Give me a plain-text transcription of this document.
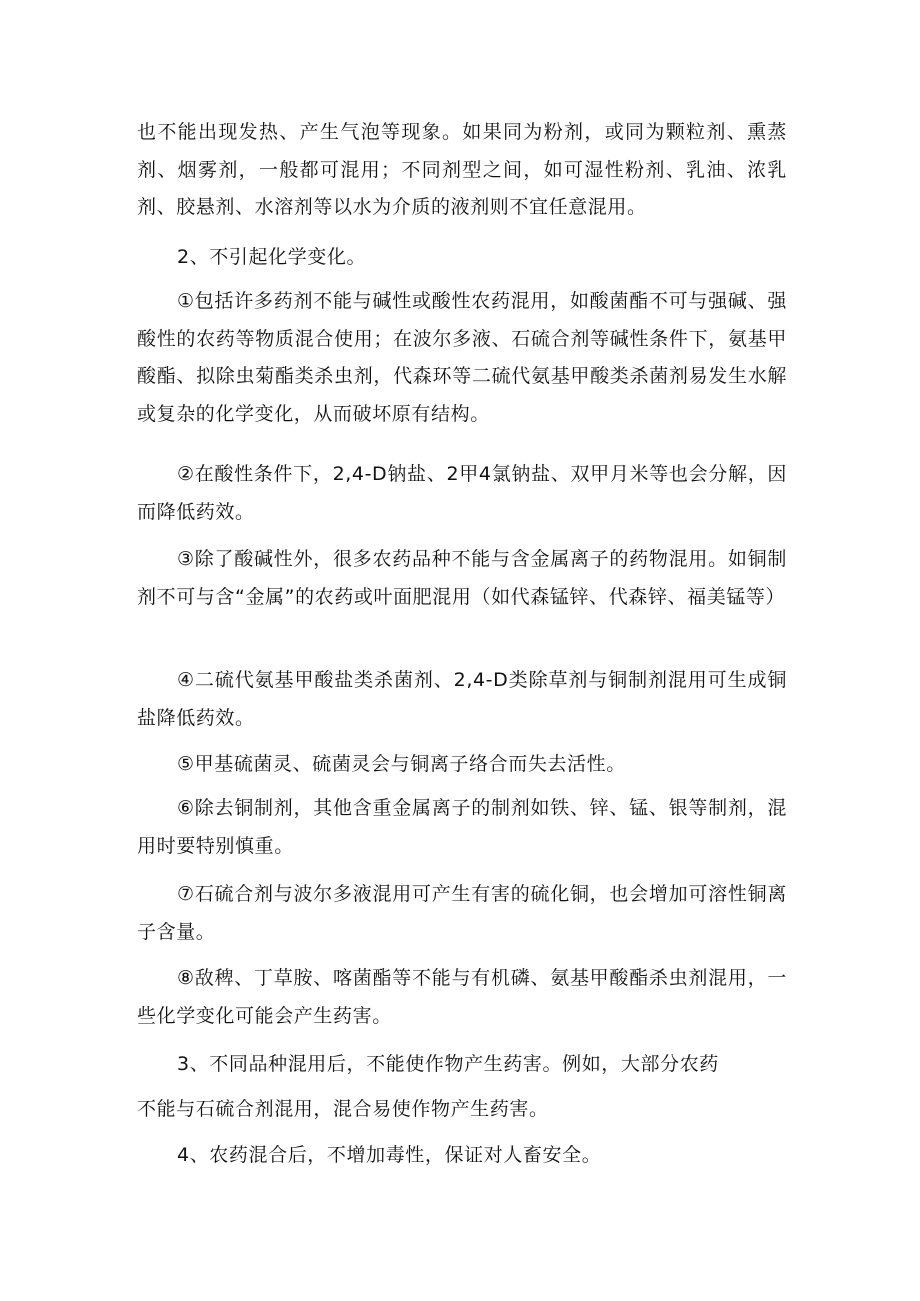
也不能出现发热、产生气泡等现象。如果同为粉剂，或同为颗粒剂、熏蒸剂、烟雾剂，一般都可混用；不同剂型之间，如可湿性粉剂、乳油、浓乳剂、胶悬剂、水溶剂等以水为介质的液剂则不宜任意混用。

2、不引起化学变化。

①包括许多药剂不能与碱性或酸性农药混用，如酸菌酯不可与强碱、强酸性的农药等物质混合使用；在波尔多液、石硫合剂等碱性条件下，氨基甲酸酯、拟除虫菊酯类杀虫剂，代森环等二硫代氨基甲酸类杀菌剂易发生水解或复杂的化学变化，从而破坏原有结构。

②在酸性条件下，2,4-D钠盐、2甲4氯钠盐、双甲月米等也会分解，因而降低药效。

③除了酸碱性外，很多农药品种不能与含金属离子的药物混用。如铜制剂不可与含“金属”的农药或叶面肥混用（如代森锰锌、代森锌、福美锰等）

④二硫代氨基甲酸盐类杀菌剂、2,4-D类除草剂与铜制剂混用可生成铜盐降低药效。

⑤甲基硫菌灵、硫菌灵会与铜离子络合而失去活性。

⑥除去铜制剂，其他含重金属离子的制剂如铁、锌、锰、银等制剂，混用时要特别慎重。

⑦石硫合剂与波尔多液混用可产生有害的硫化铜，也会增加可溶性铜离子含量。

⑧敌稗、丁草胺、喀菌酯等不能与有机磷、氨基甲酸酯杀虫剂混用，一些化学变化可能会产生药害。

3、不同品种混用后，不能使作物产生药害。例如，大部分农药

不能与石硫合剂混用，混合易使作物产生药害。

4、农药混合后，不增加毒性，保证对人畜安全。
